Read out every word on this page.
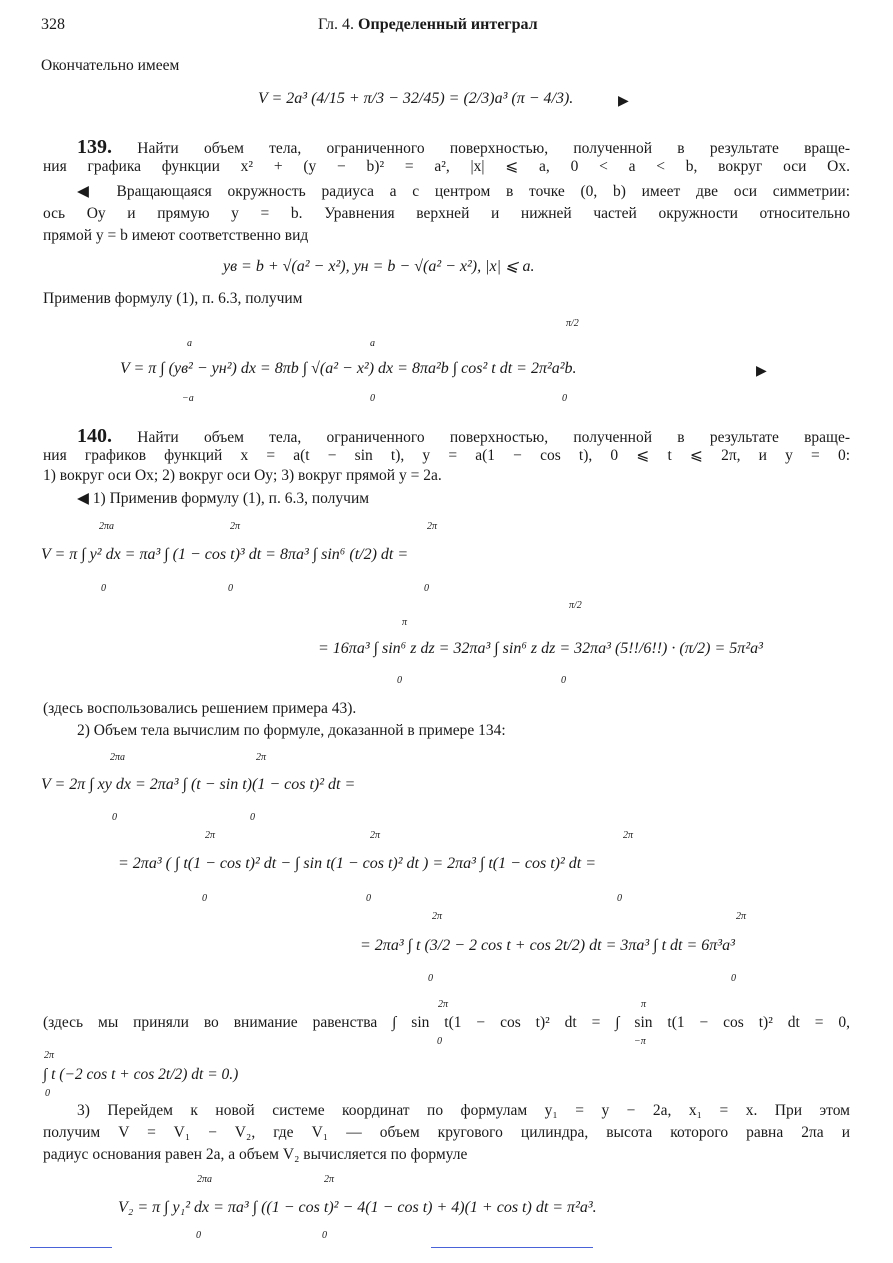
328	Гл. 4. Определенный интеграл
Окончательно имеем
V = 2a³ (4/15 + π/3 − 32/45) = (2/3)a³ (π − 4/3).	▶
139. Найти объем тела, ограниченного поверхностью, полученной в результате враще-
ния графика функции x² + (y − b)² = a², |x| ⩽ a, 0 < a < b, вокруг оси Ox.
◀ Вращающаяся окружность радиуса a с центром в точке (0, b) имеет две оси симметрии:
ось Oy и прямую y = b. Уравнения верхней и нижней частей окружности относительно
прямой y = b имеют соответственно вид
yв = b + √(a² − x²), yн = b − √(a² − x²), |x| ⩽ a.
Применив формулу (1), п. 6.3, получим
a
−a
a
0
π/2
0
V = π ∫ (yв² − yн²) dx = 8πb ∫ √(a² − x²) dx = 8πa²b ∫ cos² t dt = 2π²a²b.	▶
140. Найти объем тела, ограниченного поверхностью, полученной в результате враще-
ния графиков функций x = a(t − sin t), y = a(1 − cos t), 0 ⩽ t ⩽ 2π, и y = 0:
1) вокруг оси Ox; 2) вокруг оси Oy; 3) вокруг прямой y = 2a.
◀ 1) Применив формулу (1), п. 6.3, получим
2πa	2π	2π
V = π ∫ y² dx = πa³ ∫ (1 − cos t)³ dt = 8πa³ ∫ sin⁶ (t/2) dt =
0	0	0
π
π/2
= 16πa³ ∫ sin⁶ z dz = 32πa³ ∫ sin⁶ z dz = 32πa³ (5!!/6!!) · (π/2) = 5π²a³
0	0
(здесь воспользовались решением примера 43).
2) Объем тела вычислим по формуле, доказанной в примере 134:
2πa	2π
V = 2π ∫ xy dx = 2πa³ ∫ (t − sin t)(1 − cos t)² dt =
0	0
2π	2π	2π
= 2πa³ ( ∫ t(1 − cos t)² dt − ∫ sin t(1 − cos t)² dt ) = 2πa³ ∫ t(1 − cos t)² dt =
0	0	0
2π	2π
= 2πa³ ∫ t (3/2 − 2 cos t + cos 2t/2) dt = 3πa³ ∫ t dt = 6π³a³
0	0
2π	π
(здесь мы приняли во внимание равенства ∫ sin t(1 − cos t)² dt = ∫ sin t(1 − cos t)² dt = 0,
0	−π
2π
∫ t (−2 cos t + cos 2t/2) dt = 0.)
0
3) Перейдем к новой системе координат по формулам y₁ = y − 2a, x₁ = x. При этом
получим V = V₁ − V₂, где V₁ — объем кругового цилиндра, высота которого равна 2πa и
радиус основания равен 2a, а объем V₂ вычисляется по формуле
2πa	2π
V₂ = π ∫ y₁² dx = πa³ ∫ ((1 − cos t)² − 4(1 − cos t) + 4)(1 + cos t) dt = π²a³.
0	0
